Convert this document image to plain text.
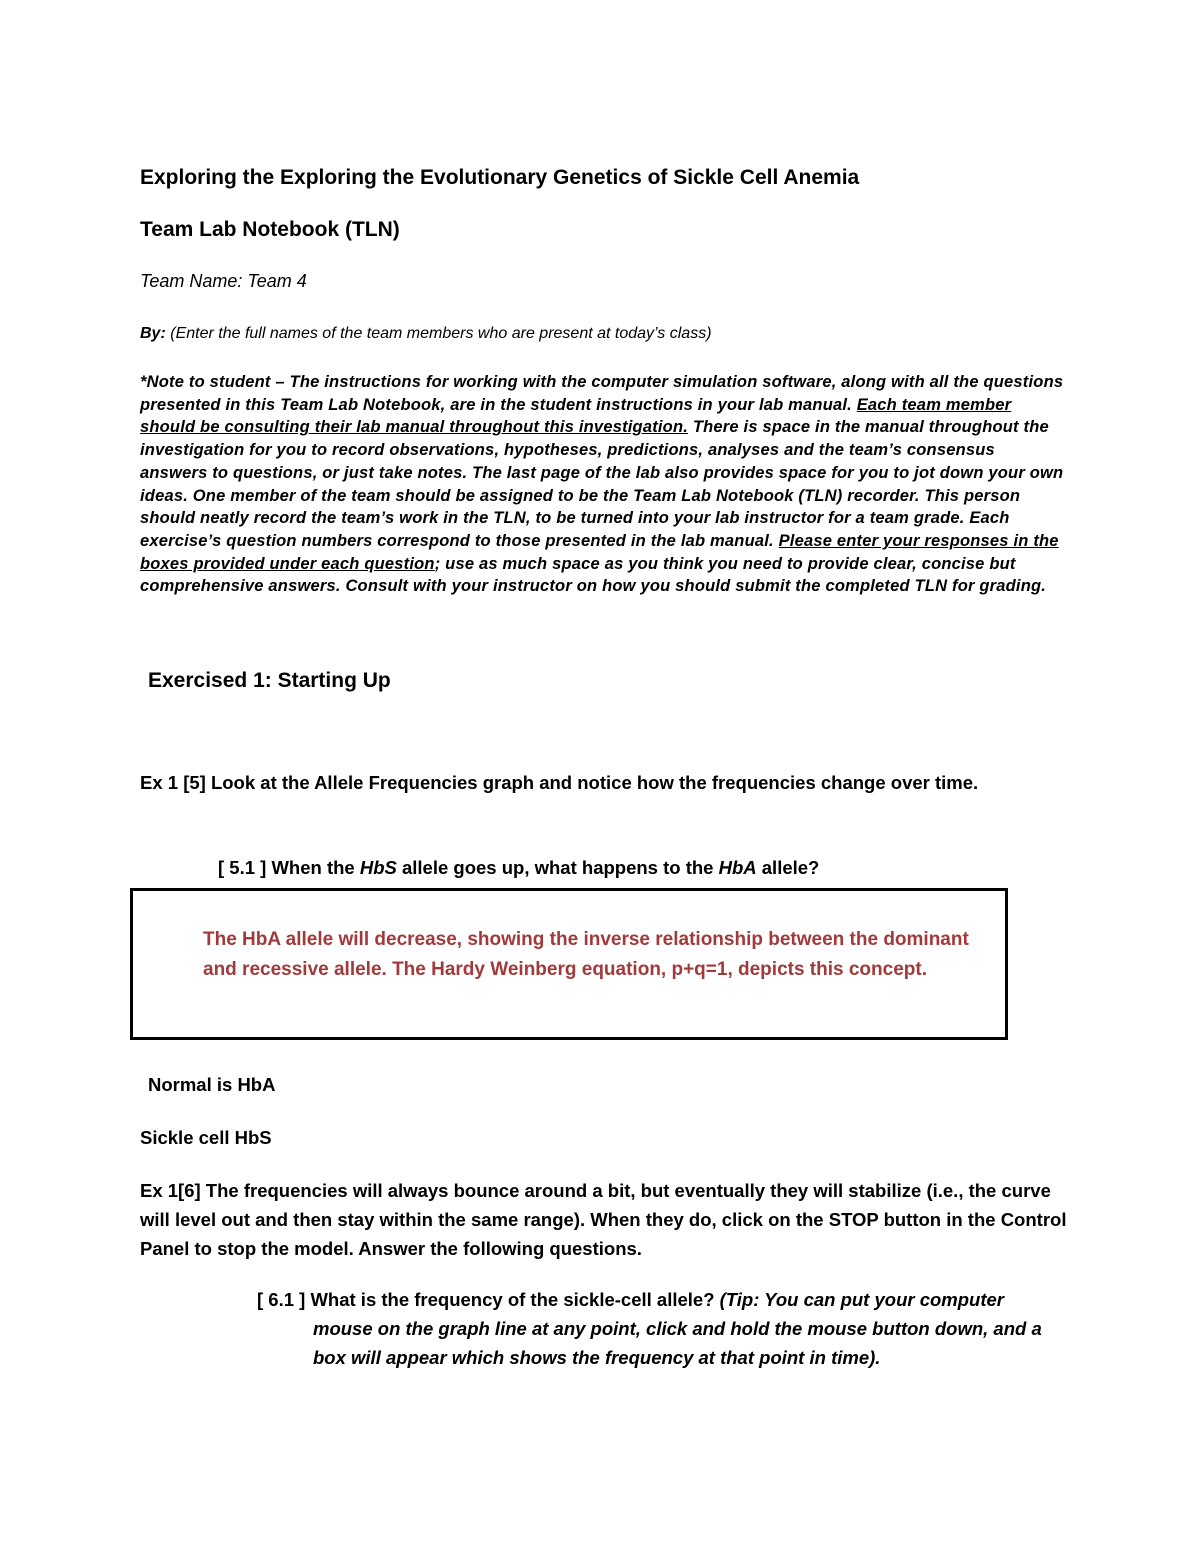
Exploring the Exploring the Evolutionary Genetics of Sickle Cell Anemia
Team Lab Notebook (TLN)
Team Name: Team 4
By: (Enter the full names of the team members who are present at today’s class)
*Note to student – The instructions for working with the computer simulation software, along with all the questions presented in this Team Lab Notebook, are in the student instructions in your lab manual. Each team member should be consulting their lab manual throughout this investigation. There is space in the manual throughout the investigation for you to record observations, hypotheses, predictions, analyses and the team’s consensus answers to questions, or just take notes. The last page of the lab also provides space for you to jot down your own ideas. One member of the team should be assigned to be the Team Lab Notebook (TLN) recorder. This person should neatly record the team’s work in the TLN, to be turned into your lab instructor for a team grade. Each exercise’s question numbers correspond to those presented in the lab manual. Please enter your responses in the boxes provided under each question; use as much space as you think you need to provide clear, concise but comprehensive answers. Consult with your instructor on how you should submit the completed TLN for grading.
Exercised 1: Starting Up
Ex 1 [5] Look at the Allele Frequencies graph and notice how the frequencies change over time.
[ 5.1 ] When the HbS allele goes up, what happens to the HbA allele?
The HbA allele will decrease, showing the inverse relationship between the dominant and recessive allele. The Hardy Weinberg equation, p+q=1, depicts this concept.
Normal is HbA
Sickle cell HbS
Ex 1[6] The frequencies will always bounce around a bit, but eventually they will stabilize (i.e., the curve will level out and then stay within the same range). When they do, click on the STOP button in the Control Panel to stop the model. Answer the following questions.
[ 6.1 ] What is the frequency of the sickle-cell allele? (Tip: You can put your computer mouse on the graph line at any point, click and hold the mouse button down, and a box will appear which shows the frequency at that point in time).
